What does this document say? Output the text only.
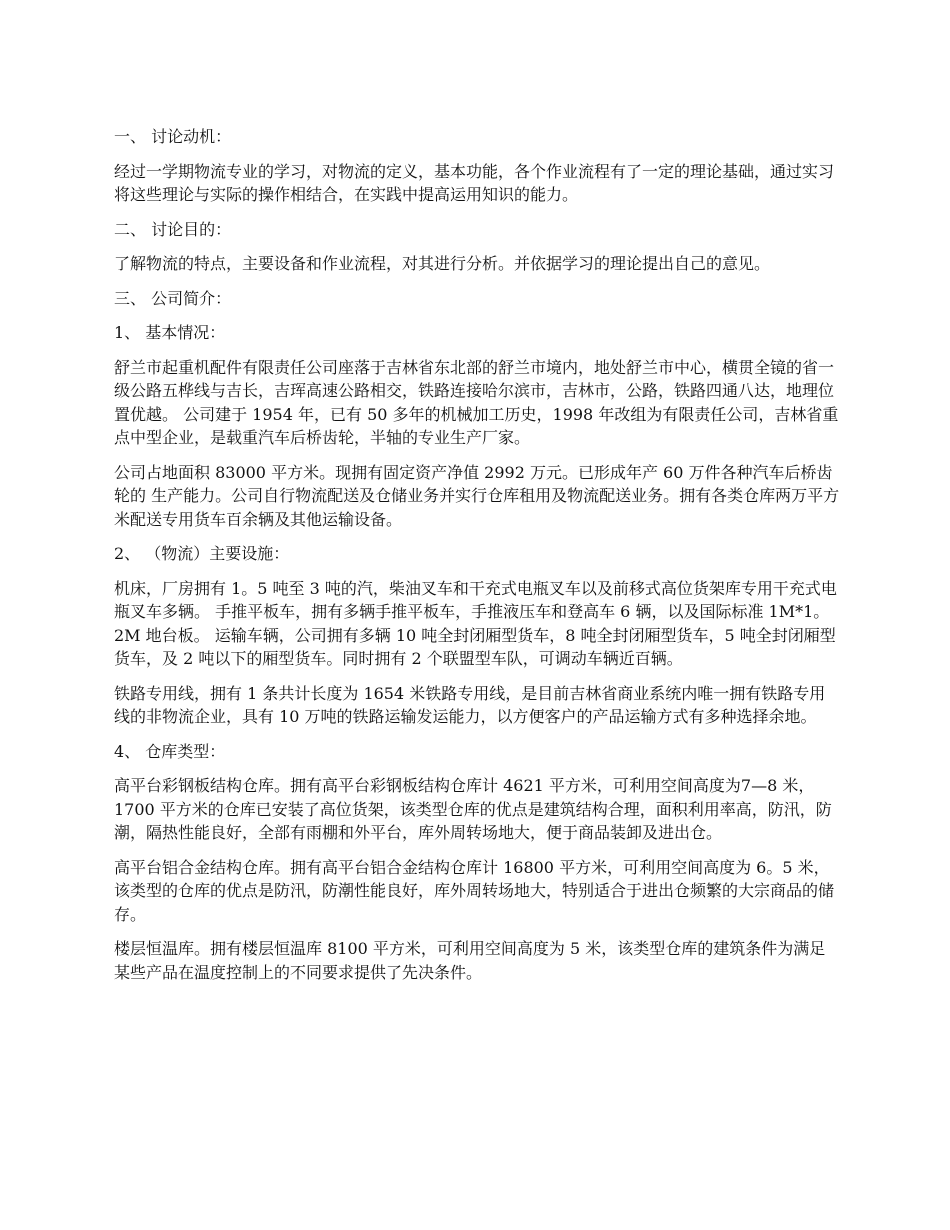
一、 讨论动机：
经过一学期物流专业的学习，对物流的定义，基本功能，各个作业流程有了一定的理论基础，通过实习将这些理论与实际的操作相结合，在实践中提高运用知识的能力。
二、 讨论目的：
了解物流的特点，主要设备和作业流程，对其进行分析。并依据学习的理论提出自己的意见。
三、 公司简介：
1、 基本情况：
舒兰市起重机配件有限责任公司座落于吉林省东北部的舒兰市境内，地处舒兰市中心，横贯全镜的省一级公路五桦线与吉长，吉珲高速公路相交，铁路连接哈尔滨市，吉林市，公路，铁路四通八达，地理位置优越。 公司建于 1954 年，已有 50 多年的机械加工历史，1998 年改组为有限责任公司，吉林省重点中型企业，是载重汽车后桥齿轮，半轴的专业生产厂家。
公司占地面积 83000 平方米。现拥有固定资产净值 2992 万元。已形成年产 60 万件各种汽车后桥齿轮的 生产能力。公司自行物流配送及仓储业务并实行仓库租用及物流配送业务。拥有各类仓库两万平方米配送专用货车百余辆及其他运输设备。
2、 （物流）主要设施：
机床，厂房拥有 1。5 吨至 3 吨的汽，柴油叉车和干充式电瓶叉车以及前移式高位货架库专用干充式电瓶叉车多辆。 手推平板车，拥有多辆手推平板车，手推液压车和登高车 6 辆，以及国际标准 1M*1。2M 地台板。 运输车辆，公司拥有多辆 10 吨全封闭厢型货车，8 吨全封闭厢型货车，5 吨全封闭厢型货车，及 2 吨以下的厢型货车。同时拥有 2 个联盟型车队，可调动车辆近百辆。
铁路专用线，拥有 1 条共计长度为 1654 米铁路专用线，是目前吉林省商业系统内唯一拥有铁路专用线的非物流企业，具有 10 万吨的铁路运输发运能力，以方便客户的产品运输方式有多种选择余地。
4、 仓库类型：
高平台彩钢板结构仓库。拥有高平台彩钢板结构仓库计 4621 平方米，可利用空间高度为7—8 米， 1700 平方米的仓库已安装了高位货架，该类型仓库的优点是建筑结构合理，面积利用率高，防汛，防潮，隔热性能良好，全部有雨棚和外平台，库外周转场地大，便于商品装卸及进出仓。
高平台铝合金结构仓库。拥有高平台铝合金结构仓库计 16800 平方米，可利用空间高度为 6。5 米，该类型的仓库的优点是防汛，防潮性能良好，库外周转场地大，特别适合于进出仓频繁的大宗商品的储存。
楼层恒温库。拥有楼层恒温库 8100 平方米，可利用空间高度为 5 米，该类型仓库的建筑条件为满足某些产品在温度控制上的不同要求提供了先决条件。
